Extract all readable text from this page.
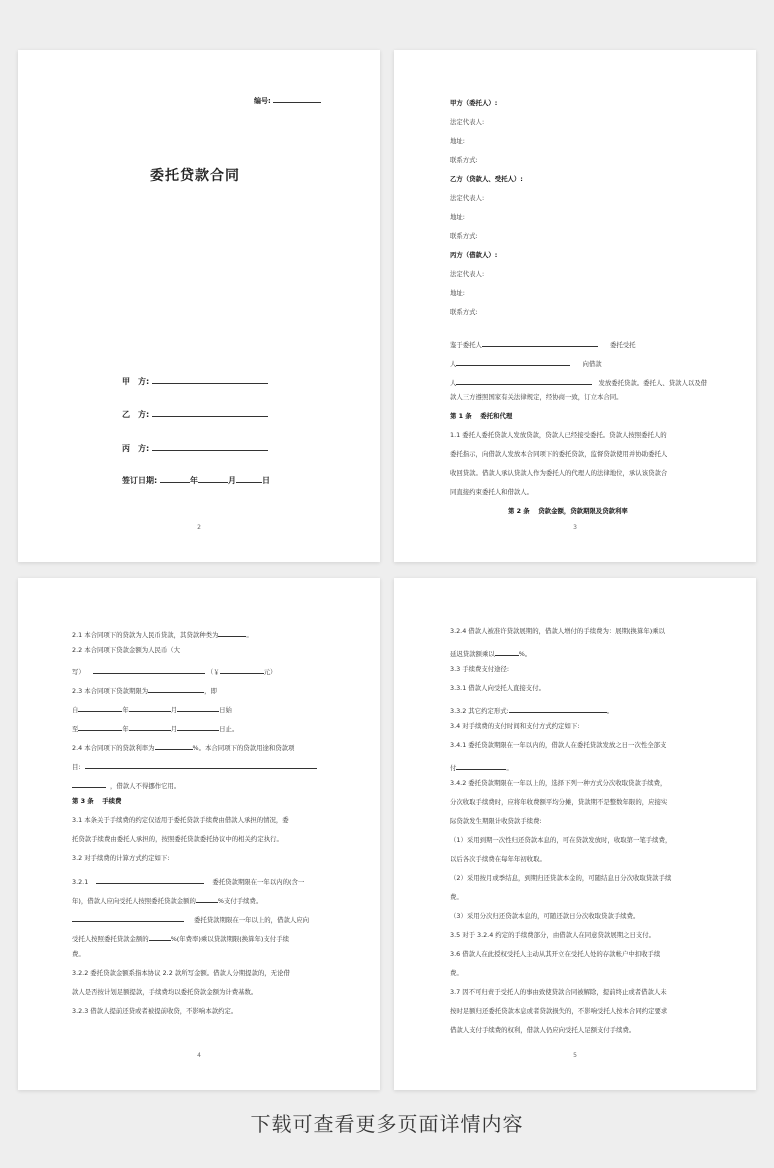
编号:
委托贷款合同
甲　方:
乙　方:
丙　方:
签订日期:	年	月	日
2
甲方（委托人）:
法定代表人:
地址:
联系方式:
乙方（贷款人、受托人）:
法定代表人:
地址:
联系方式:
丙方（借款人）:
法定代表人:
地址:
联系方式:
鉴于委托人	委托受托
人	向借款
人	发放委托贷款。委托人、贷款人以及借
款人三方遵照国家有关法律规定，经协商一致，订立本合同。
第 1 条　 委托和代理
1.1 委托人委托贷款人发放贷款，贷款人已经接受委托。贷款人按照委托人的
委托指示，向借款人发放本合同项下的委托贷款，监督贷款使用并协助委托人
收回贷款。借款人承认贷款人作为委托人的代理人的法律地位，承认该贷款合
同直接约束委托人和借款人。
第 2 条　 贷款金额，贷款期限及贷款利率
3
2.1 本合同项下的贷款为人民币贷款，其贷款种类为	。
2.2 本合同项下贷款金额为人民币（大
写）	（￥	元）
2.3 本合同项下贷款期限为	，即
自	年	月	日始
至	年	月	日止。
2.4 本合同项下的贷款利率为	%。本合同项下的贷款用途和贷款项
目:
，借款人不得挪作它用。
第 3 条　 手续费
3.1 本条关于手续费的约定仅适用于委托贷款手续费由借款人承担的情况，委
托贷款手续费由委托人承担的，按照委托贷款委托协议中的相关约定执行。
3.2 对手续费的计算方式约定如下:
3.2.1	委托贷款期限在一年以内的(含一
年)，借款人应向受托人按照委托贷款金额的	%支付手续费。
委托贷款期限在一年以上的，借款人应向
受托人按照委托贷款金额的	%(年费率)乘以贷款期限(换算年)支付手续
费。
3.2.2 委托贷款金额系指本协议 2.2 款所写金额。借款人分期提款的，无论借
款人是否按计划足额提款，手续费均以委托贷款金额为计费基数。
3.2.3 借款人提前还贷或者被提前收贷，不影响本款约定。
4
3.2.4 借款人被准许贷款展期的，借款人增付的手续费为：展期(换算年)乘以
延迟贷款额乘以	%。
3.3 手续费支付途径:
3.3.1 借款人向受托人直接支付。
3.3.2 其它约定形式:	。
3.4 对手续费的支付时间和支付方式约定如下:
3.4.1 委托贷款期限在一年以内的，借款人在委托贷款发放之日一次性全部支
付	。
3.4.2 委托贷款期限在一年以上的，选择下列一种方式分次收取贷款手续费，
分次收取手续费时，应将年收费额平均分摊，贷款期不是整数年限的，应接实
际贷款发生期限计收贷款手续费:
（1）采用到期一次性归还贷款本息的，可在贷款发放时，收取第一笔手续费，
以后各次手续费在每年年初收取。
（2）采用按月或季结息，到期归还贷款本金的，可随结息日分次收取贷款手续
费。
（3）采用分次归还贷款本息的，可随还款日分次收取贷款手续费。
3.5 对于 3.2.4 约定的手续费部分，由借款人在同意贷款展期之日支付。
3.6 借款人在此授权受托人主动从其开立在受托人处的存款帐户中扣收手续
费。
3.7 因不可归责于受托人的事由致使贷款合同被解除，提前终止或者借款人未
按时足额归还委托贷款本息或者贷款损失的，不影响受托人按本合同约定要求
借款人支付手续费的权利，借款人仍应向受托人足额支付手续费。
5
下载可查看更多页面详情内容
